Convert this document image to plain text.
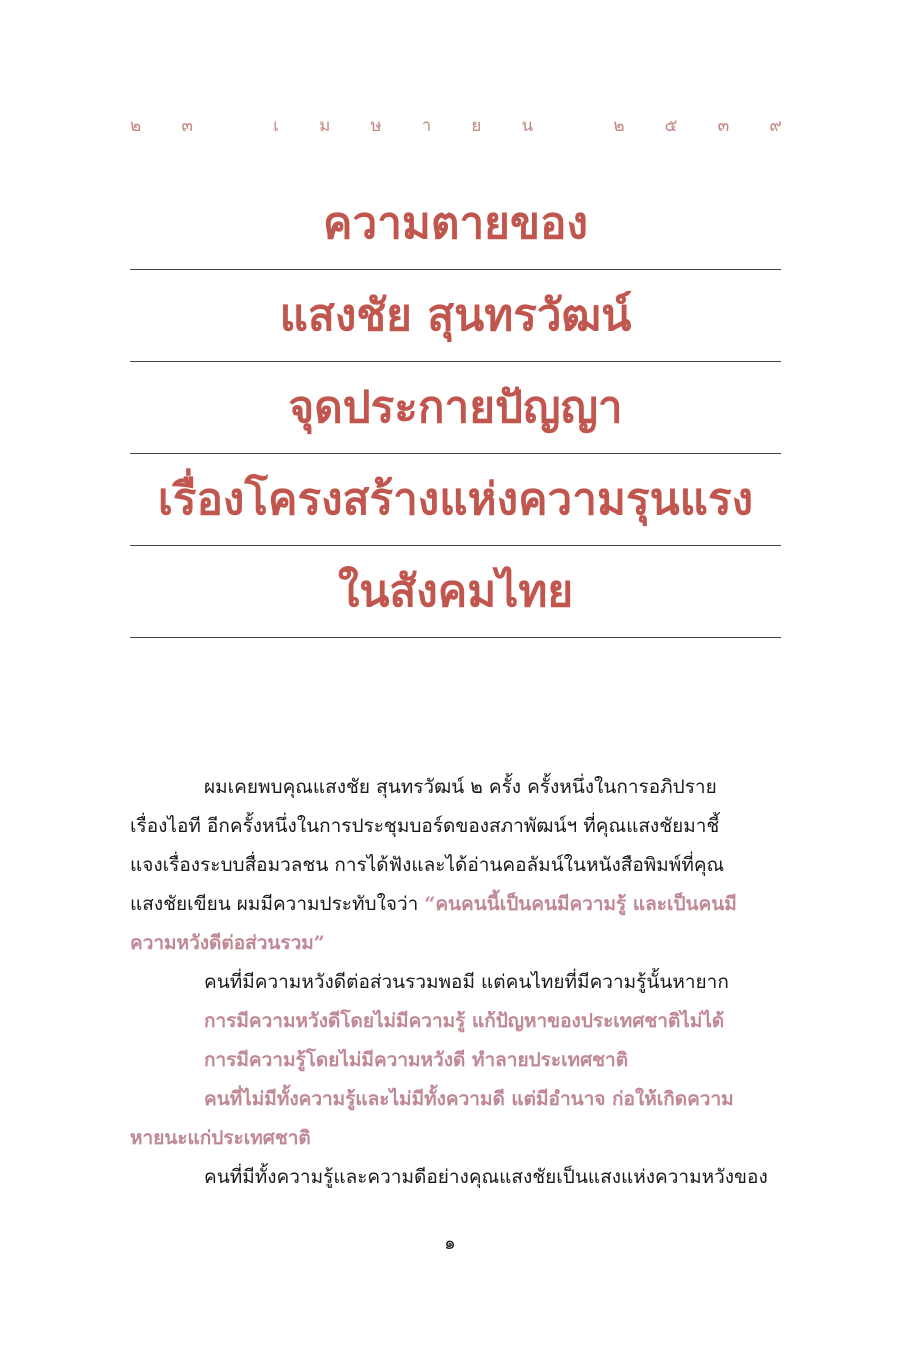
๒ ๓	เ ม ษ า ย น	๒ ๕ ๓ ๙
ความตายของ
แสงชัย สุนทรวัฒน์
จุดประกายปัญญา
เรื่องโครงสร้างแห่งความรุนแรง
ในสังคมไทย
ผมเคยพบคุณแสงชัย สุนทรวัฒน์ ๒ ครั้ง ครั้งหนึ่งในการอภิปราย
เรื่องไอที อีกครั้งหนึ่งในการประชุมบอร์ดของสภาพัฒน์ฯ ที่คุณแสงชัยมาชี้
แจงเรื่องระบบสื่อมวลชน การได้ฟังและได้อ่านคอลัมน์ในหนังสือพิมพ์ที่คุณ
แสงชัยเขียน ผมมีความประทับใจว่า “คนคนนี้เป็นคนมีความรู้ และเป็นคนมี
ความหวังดีต่อส่วนรวม”
คนที่มีความหวังดีต่อส่วนรวมพอมี แต่คนไทยที่มีความรู้นั้นหายาก
การมีความหวังดีโดยไม่มีความรู้ แก้ปัญหาของประเทศชาติไม่ได้
การมีความรู้โดยไม่มีความหวังดี ทำลายประเทศชาติ
คนที่ไม่มีทั้งความรู้และไม่มีทั้งความดี แต่มีอำนาจ ก่อให้เกิดความ
หายนะแก่ประเทศชาติ
คนที่มีทั้งความรู้และความดีอย่างคุณแสงชัยเป็นแสงแห่งความหวังของ
๑
